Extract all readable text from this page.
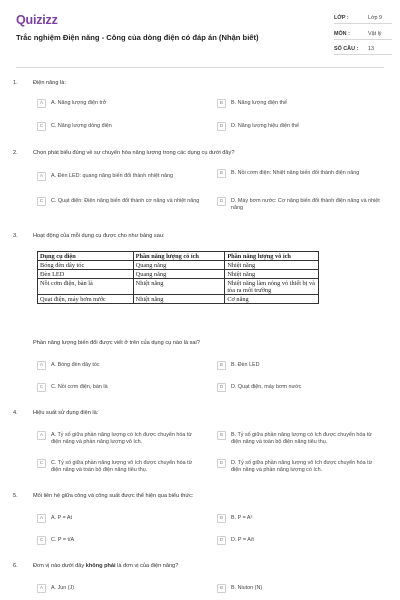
Quizizz
Trắc nghiệm Điện năng - Công của dòng điện có đáp án (Nhận biết)
LỚP :	Lớp 9
MÔN :	Vật lý
SỐ CÂU : 13
1.	Điện năng là:
A	A. Năng lượng điện trở	B	B. Năng lượng điện thế
C	C. Năng lượng dòng điện	D	D. Năng lượng hiệu điện thế
2.	Chọn phát biểu đúng về sự chuyển hóa năng lượng trong các dụng cụ dưới đây?
A	A. Đèn LED: quang năng biến đổi thành nhiệt năng	B	B. Nồi cơm điện: Nhiệt năng biến đổi thành điện năng
C	C. Quạt điện: Điện năng biến đổi thành cơ năng và nhiệt năng	D	D. Máy bơm nước: Cơ năng biến đổi thành điện năng và nhiệt năng
3.	Hoạt động của mỗi dụng cụ được cho như bảng sau:
Dụng cụ điện	Phần năng lượng có ích	Phần năng lượng vô ích
Bóng đèn dây tóc	Quang năng	Nhiệt năng
Đèn LED	Quang năng	Nhiệt năng
Nồi cơm điện, bàn là	Nhiệt năng	Nhiệt năng làm nóng vỏ thiết bị và tỏa ra môi trường
Quạt điện, máy bơm nước	Nhiệt năng	Cơ năng
Phần năng lượng biến đổi được viết ở trên của dụng cụ nào là sai?
A	A. Bóng đèn dây tóc	B	B. Đèn LED
C	C. Nồi cơm điện, bàn là	D	D. Quạt điện, máy bơm nước
4.	Hiệu suất sử dụng điện là:
A	A. Tỷ số giữa phần năng lượng có ích được chuyển hóa từ điện năng và phần năng lượng vô ích.
B	B. Tỷ số giữa phần năng lượng có ích được chuyển hóa từ điện năng và toàn bộ điện năng tiêu thụ.
C	C. Tỷ số giữa phần năng lượng vô ích được chuyển hóa từ điện năng và toàn bộ điện năng tiêu thụ.
D	D. Tỷ số giữa phần năng lượng vô ích được chuyển hóa từ điện năng và phần năng lượng có ích.
5.	Mối liên hệ giữa công và công suất được thể hiện qua biểu thức:
A	A. P = At	B	B. P = A²
C	C. P = t/A	D	D. P = A/t
6.	Đơn vị nào dưới đây không phải là đơn vị của điện năng?
A	A. Jun (J)	B	B. Niuton (N)
